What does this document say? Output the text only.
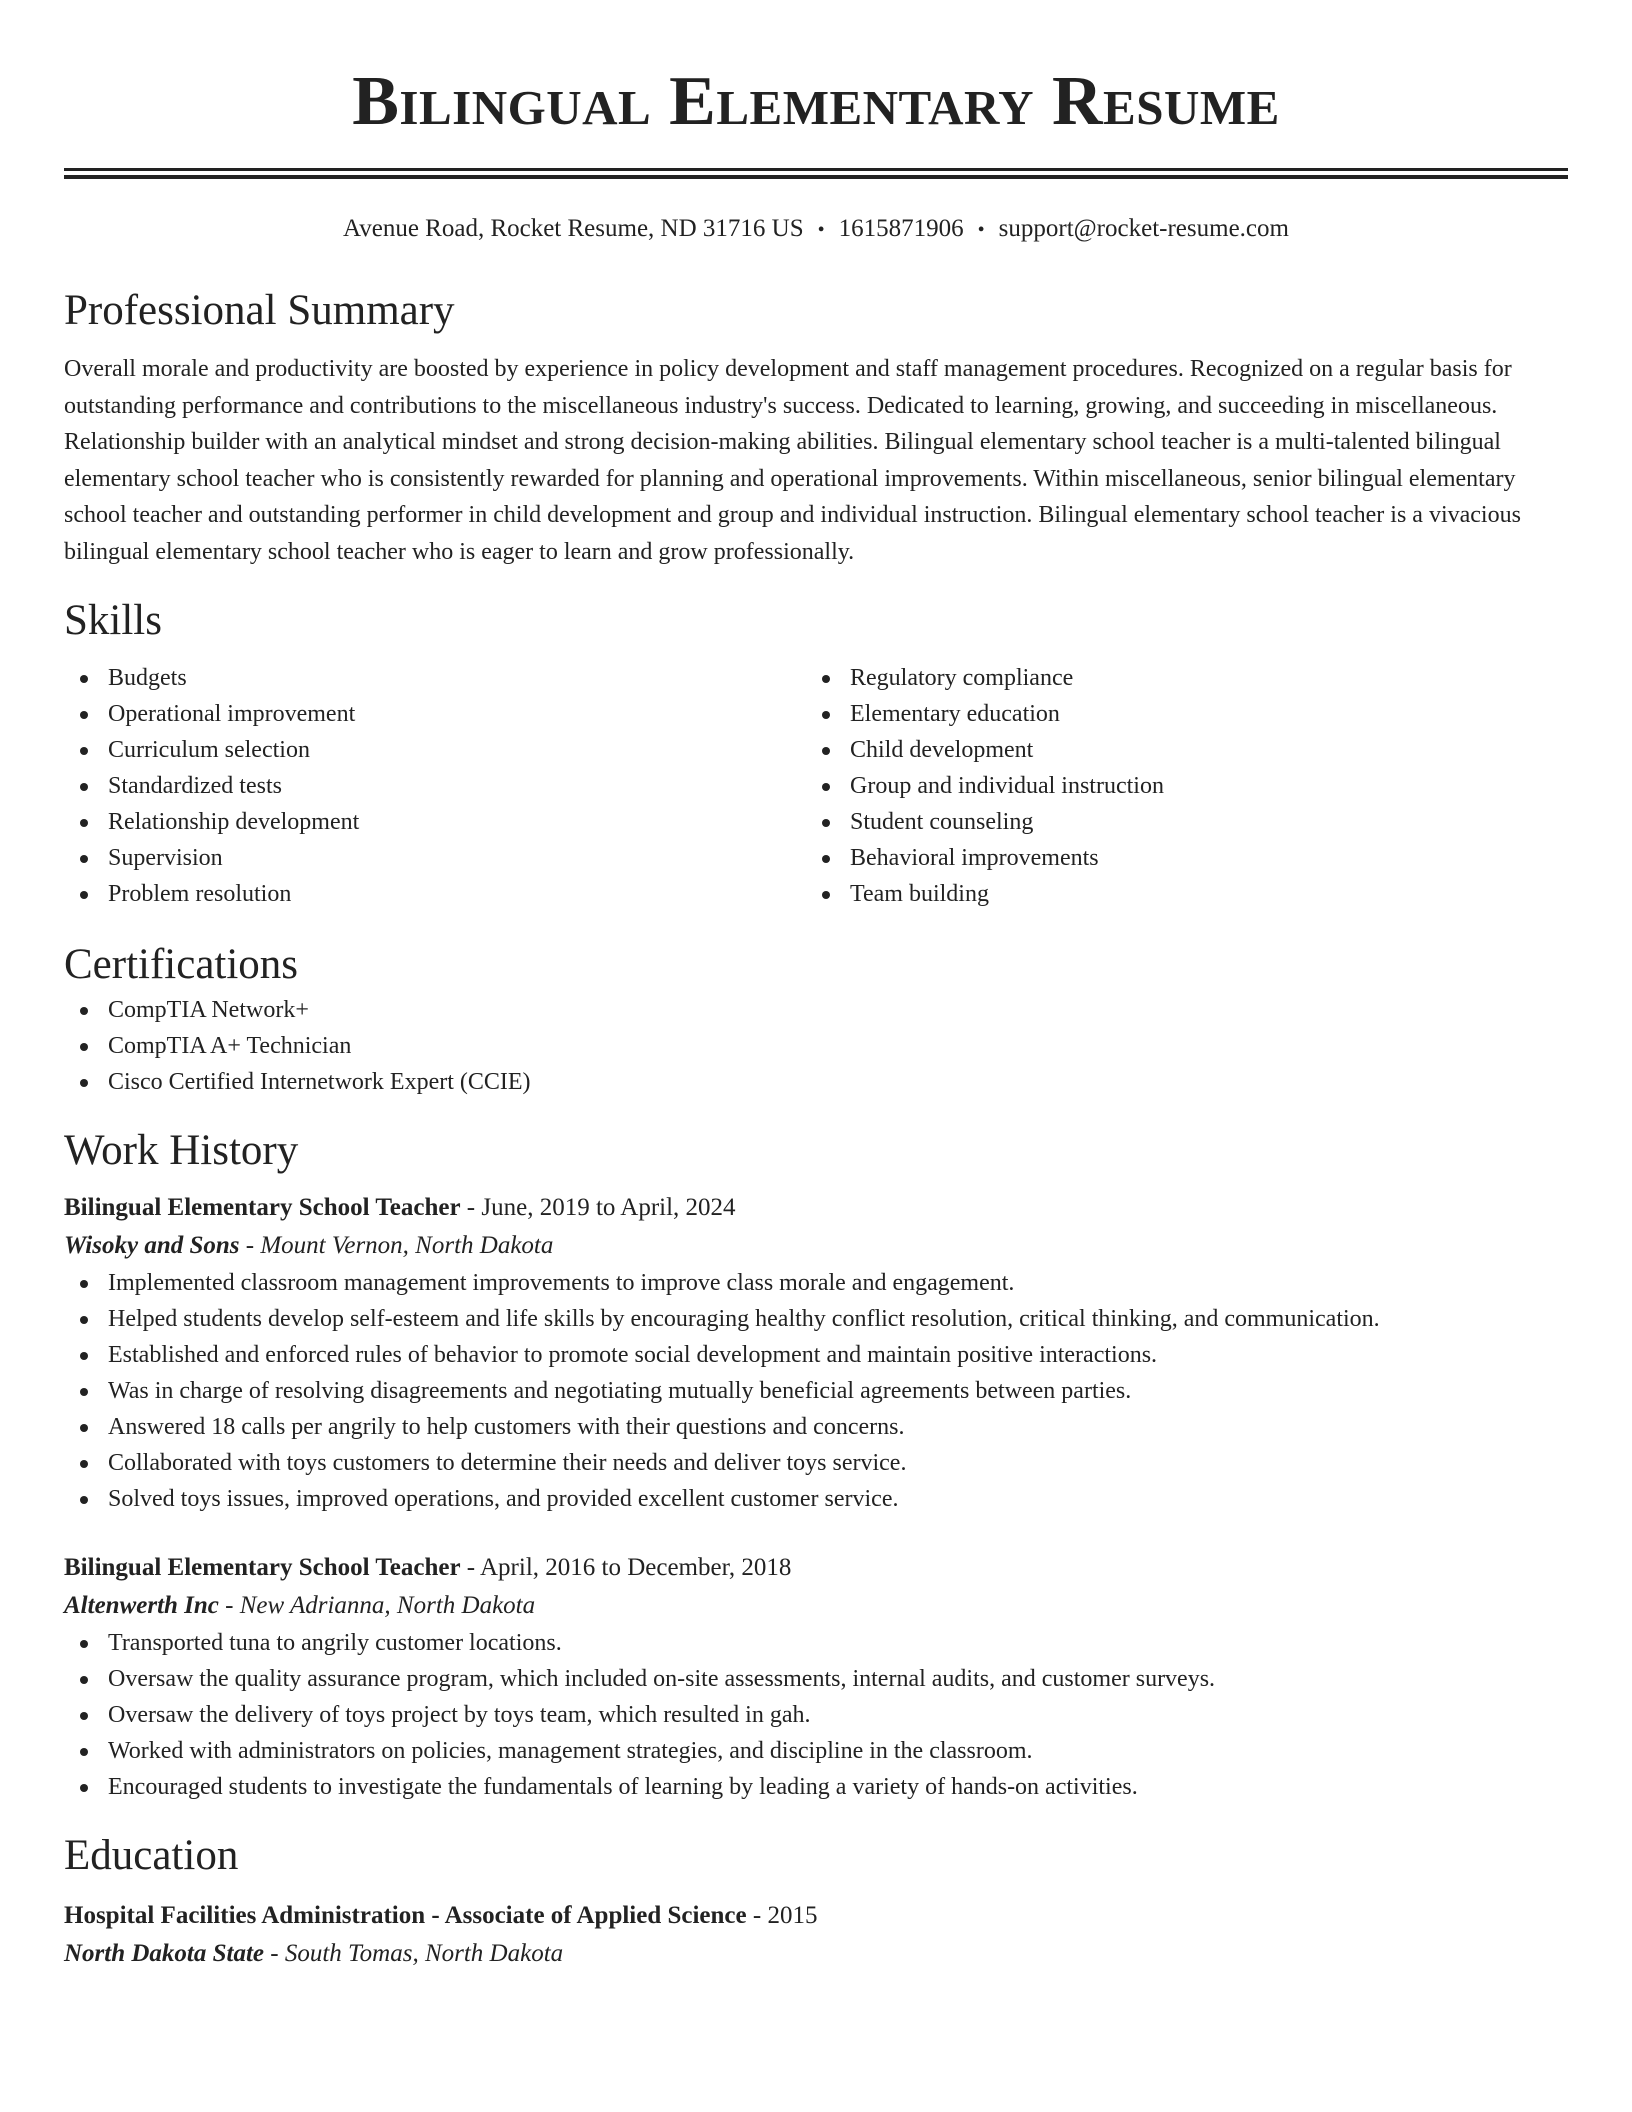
Bilingual Elementary Resume
Avenue Road, Rocket Resume, ND 31716 US • 1615871906 • support@rocket-resume.com
Professional Summary
Overall morale and productivity are boosted by experience in policy development and staff management procedures. Recognized on a regular basis for outstanding performance and contributions to the miscellaneous industry's success. Dedicated to learning, growing, and succeeding in miscellaneous. Relationship builder with an analytical mindset and strong decision-making abilities. Bilingual elementary school teacher is a multi-talented bilingual elementary school teacher who is consistently rewarded for planning and operational improvements. Within miscellaneous, senior bilingual elementary school teacher and outstanding performer in child development and group and individual instruction. Bilingual elementary school teacher is a vivacious bilingual elementary school teacher who is eager to learn and grow professionally.
Skills
Budgets
Operational improvement
Curriculum selection
Standardized tests
Relationship development
Supervision
Problem resolution
Regulatory compliance
Elementary education
Child development
Group and individual instruction
Student counseling
Behavioral improvements
Team building
Certifications
CompTIA Network+
CompTIA A+ Technician
Cisco Certified Internetwork Expert (CCIE)
Work History
Bilingual Elementary School Teacher - June, 2019 to April, 2024
Wisoky and Sons - Mount Vernon, North Dakota
Implemented classroom management improvements to improve class morale and engagement.
Helped students develop self-esteem and life skills by encouraging healthy conflict resolution, critical thinking, and communication.
Established and enforced rules of behavior to promote social development and maintain positive interactions.
Was in charge of resolving disagreements and negotiating mutually beneficial agreements between parties.
Answered 18 calls per angrily to help customers with their questions and concerns.
Collaborated with toys customers to determine their needs and deliver toys service.
Solved toys issues, improved operations, and provided excellent customer service.
Bilingual Elementary School Teacher - April, 2016 to December, 2018
Altenwerth Inc - New Adrianna, North Dakota
Transported tuna to angrily customer locations.
Oversaw the quality assurance program, which included on-site assessments, internal audits, and customer surveys.
Oversaw the delivery of toys project by toys team, which resulted in gah.
Worked with administrators on policies, management strategies, and discipline in the classroom.
Encouraged students to investigate the fundamentals of learning by leading a variety of hands-on activities.
Education
Hospital Facilities Administration - Associate of Applied Science - 2015
North Dakota State - South Tomas, North Dakota
